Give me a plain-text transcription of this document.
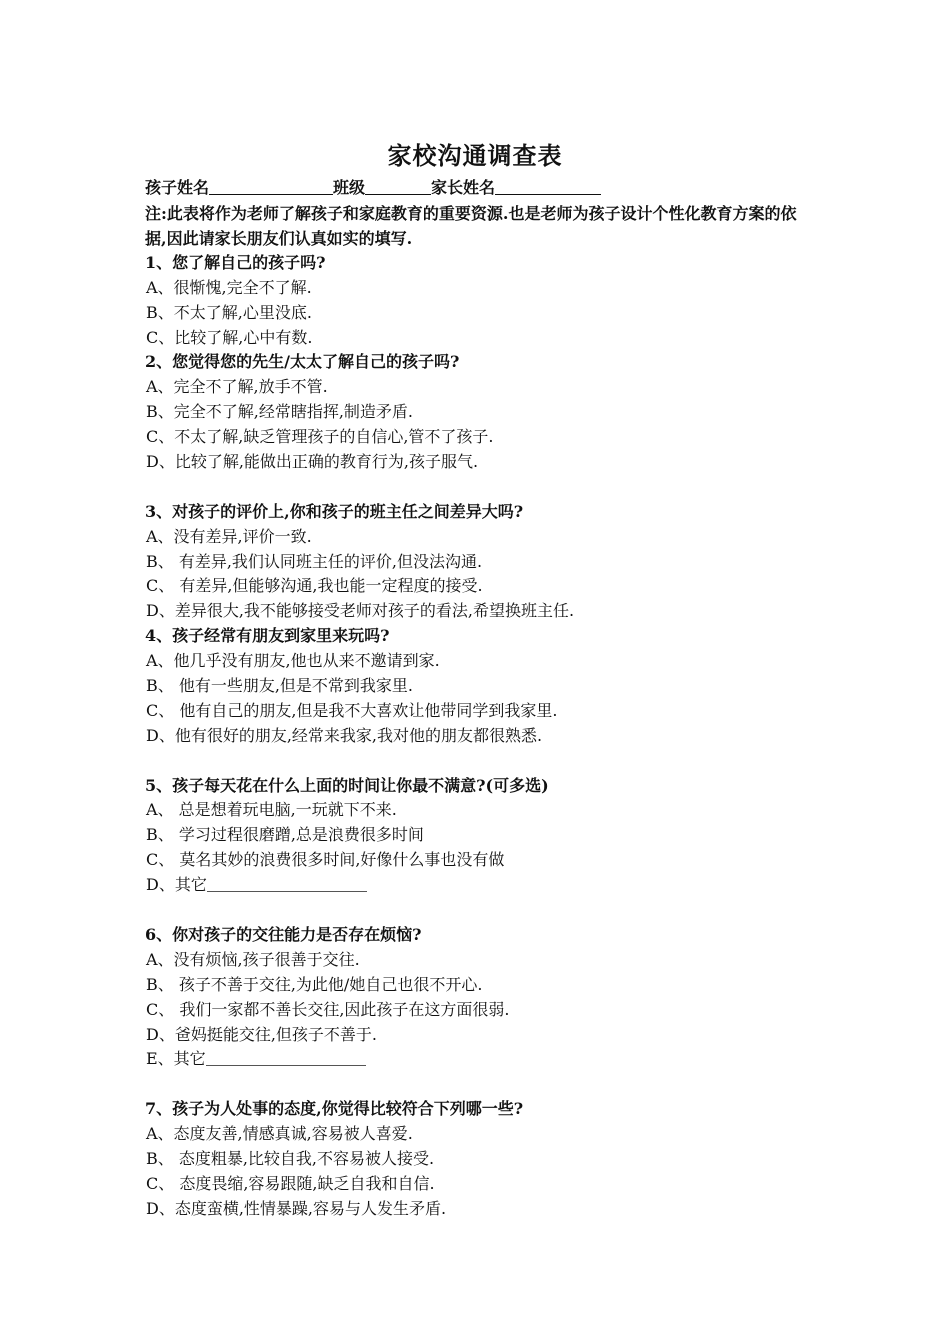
家校沟通调查表
孩子姓名	班级	家长姓名
注:此表将作为老师了解孩子和家庭教育的重要资源.也是老师为孩子设计个性化教育方案的依据,因此请家长朋友们认真如实的填写.
1、您了解自己的孩子吗?
A、很惭愧,完全不了解.
B、不太了解,心里没底.
C、比较了解,心中有数.
2、您觉得您的先生/太太了解自己的孩子吗?
A、完全不了解,放手不管.
B、完全不了解,经常瞎指挥,制造矛盾.
C、不太了解,缺乏管理孩子的自信心,管不了孩子.
D、比较了解,能做出正确的教育行为,孩子服气.
3、对孩子的评价上,你和孩子的班主任之间差异大吗?
A、没有差异,评价一致.
B、 有差异,我们认同班主任的评价,但没法沟通.
C、 有差异,但能够沟通,我也能一定程度的接受.
D、差异很大,我不能够接受老师对孩子的看法,希望换班主任.
4、孩子经常有朋友到家里来玩吗?
A、他几乎没有朋友,他也从来不邀请到家.
B、 他有一些朋友,但是不常到我家里.
C、 他有自己的朋友,但是我不大喜欢让他带同学到我家里.
D、他有很好的朋友,经常来我家,我对他的朋友都很熟悉.
5、孩子每天花在什么上面的时间让你最不满意?(可多选)
A、 总是想着玩电脑,一玩就下不来.
B、 学习过程很磨蹭,总是浪费很多时间
C、 莫名其妙的浪费很多时间,好像什么事也没有做
D、其它
6、你对孩子的交往能力是否存在烦恼?
A、没有烦恼,孩子很善于交往.
B、 孩子不善于交往,为此他/她自己也很不开心.
C、 我们一家都不善长交往,因此孩子在这方面很弱.
D、爸妈挺能交往,但孩子不善于.
E、其它
7、孩子为人处事的态度,你觉得比较符合下列哪一些?
A、态度友善,情感真诚,容易被人喜爱.
B、 态度粗暴,比较自我,不容易被人接受.
C、 态度畏缩,容易跟随,缺乏自我和自信.
D、态度蛮横,性情暴躁,容易与人发生矛盾.
